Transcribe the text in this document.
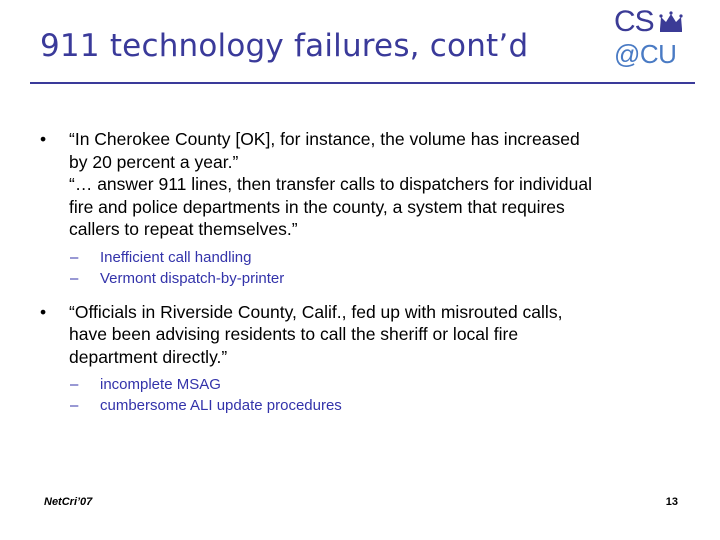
911 technology failures, cont’d
CS
@CU
• “In Cherokee County [OK], for instance, the volume has increased

by 20 percent a year.”

“… answer 911 lines, then transfer calls to dispatchers for individual

fire and police departments in the county, a system that requires

callers to repeat themselves.”

– Inefficient call handling
– Vermont dispatch-by-printer
• “Officials in Riverside County, Calif., fed up with misrouted calls,

have been advising residents to call the sheriff or local fire

department directly.”

– incomplete MSAG
– cumbersome ALI update procedures
NetCri’07	13
